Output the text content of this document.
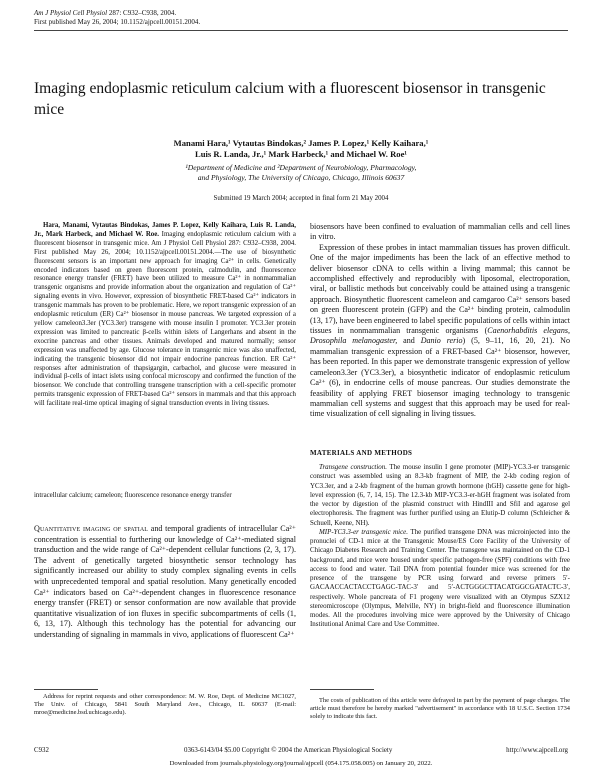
Am J Physiol Cell Physiol 287: C932–C938, 2004.
First published May 26, 2004; 10.1152/ajpcell.00151.2004.
Imaging endoplasmic reticulum calcium with a fluorescent biosensor in transgenic mice
Manami Hara,¹ Vytautas Bindokas,² James P. Lopez,¹ Kelly Kaihara,¹
Luis R. Landa, Jr.,¹ Mark Harbeck,¹ and Michael W. Roe¹
¹Department of Medicine and ²Department of Neurobiology, Pharmacology,
and Physiology, The University of Chicago, Chicago, Illinois 60637
Submitted 19 March 2004; accepted in final form 21 May 2004

Hara, Manami, Vytautas Bindokas, James P. Lopez, Kelly Kaihara, Luis R. Landa, Jr., Mark Harbeck, and Michael W. Roe. Imaging endoplasmic reticulum calcium with a fluorescent biosensor in transgenic mice. Am J Physiol Cell Physiol 287: C932–C938, 2004. First published May 26, 2004; 10.1152/ajpcell.00151.2004.—The use of biosynthetic fluorescent sensors is an important new approach for imaging Ca²⁺ in cells. Genetically encoded indicators based on green fluorescent protein, calmodulin, and fluorescence resonance energy transfer (FRET) have been utilized to measure Ca²⁺ in nonmammalian transgenic organisms and provide information about the organization and regulation of Ca²⁺ signaling events in vivo. However, expression of biosynthetic FRET-based Ca²⁺ indicators in transgenic mammals has proven to be problematic. Here, we report transgenic expression of an endoplasmic reticulum (ER) Ca²⁺ biosensor in mouse pancreas. We targeted expression of a yellow cameleon3.3er (YC3.3er) transgene with mouse insulin I promoter. YC3.3er protein expression was limited to pancreatic β-cells within islets of Langerhans and absent in the exocrine pancreas and other tissues. Animals developed and matured normally; sensor expression was unaffected by age. Glucose tolerance in transgenic mice was also unaffected, indicating the transgenic biosensor did not impair endocrine pancreas function. ER Ca²⁺ responses after administration of thapsigargin, carbachol, and glucose were measured in individual β-cells of intact islets using confocal microscopy and confirmed the function of the biosensor. We conclude that controlling transgene transcription with a cell-specific promoter permits transgenic expression of FRET-based Ca²⁺ sensors in mammals and that this approach will facilitate real-time optical imaging of signal transduction events in living tissues.

intracellular calcium; cameleon; fluorescence resonance energy transfer

Quantitative imaging of spatial and temporal gradients of intracellular Ca²⁺ concentration is essential to furthering our knowledge of Ca²⁺-mediated signal transduction and the wide range of Ca²⁺-dependent cellular functions (2, 3, 17). The advent of genetically targeted biosynthetic sensor technology has significantly increased our ability to study complex signaling events in cells with unprecedented temporal and spatial resolution. Many genetically encoded Ca²⁺ indicators based on Ca²⁺-dependent changes in fluorescence resonance energy transfer (FRET) or sensor conformation are now available that provide quantitative visualization of ion fluxes in specific subcompartments of cells (1, 6, 13, 17). Although this technology has the potential for advancing our understanding of signaling in mammals in vivo, applications of fluorescent Ca²⁺

Address for reprint requests and other correspondence: M. W. Roe, Dept. of Medicine MC1027, The Univ. of Chicago, 5841 South Maryland Ave., Chicago, IL 60637 (E-mail: mroe@medicine.bsd.uchicago.edu).

biosensors have been confined to evaluation of mammalian cells and cell lines in vitro.

Expression of these probes in intact mammalian tissues has proven difficult. One of the major impediments has been the lack of an effective method to deliver biosensor cDNA to cells within a living mammal; this cannot be accomplished effectively and reproducibly with liposomal, electroporation, viral, or ballistic methods but conceivably could be attained using a transgenic approach. Biosynthetic fluorescent cameleon and camgaroo Ca²⁺ sensors based on green fluorescent protein (GFP) and the Ca²⁺ binding protein, calmodulin (13, 17), have been engineered to label specific populations of cells within intact tissues in nonmammalian transgenic organisms (Caenorhabditis elegans, Drosophila melanogaster, and Danio rerio) (5, 9–11, 16, 20, 21). No mammalian transgenic expression of a FRET-based Ca²⁺ biosensor, however, has been reported. In this paper we demonstrate transgenic expression of yellow cameleon3.3er (YC3.3er), a biosynthetic indicator of endoplasmic reticulum Ca²⁺ (6), in endocrine cells of mouse pancreas. Our studies demonstrate the feasibility of applying FRET biosensor imaging technology to transgenic mammalian cell systems and suggest that this approach may be used for real-time visualization of cell signaling in living tissues.

MATERIALS AND METHODS

Transgene construction. The mouse insulin I gene promoter (MIP)-YC3.3-er transgenic construct was assembled using an 8.3-kb fragment of MIP, the 2-kb coding region of YC3.3er, and a 2-kb fragment of the human growth hormone (hGH) cassette gene for high-level expression (6, 7, 14, 15). The 12.3-kb MIP-YC3.3-er-hGH fragment was isolated from the vector by digestion of the plasmid construct with HindIII and SfiI and agarose gel electrophoresis. The fragment was further purified using an Elutip-D column (Schleicher & Schuell, Keene, NH).

MIP-YC3.3-er transgenic mice. The purified transgene DNA was microinjected into the pronuclei of CD-1 mice at the Transgenic Mouse/ES Core Facility of the University of Chicago Diabetes Research and Training Center. The transgene was maintained on the CD-1 background, and mice were housed under specific pathogen-free (SPF) conditions with free access to food and water. Tail DNA from potential founder mice was screened for the presence of the transgene by PCR using forward and reverse primers 5′-GACAACCACTACCTGAGC-TAC-3′ and 5′-ACTGGGCTTACATGGCGATACTC-3′, respectively. Whole pancreata of F1 progeny were visualized with an Olympus SZX12 stereomicroscope (Olympus, Melville, NY) in bright-field and fluorescence illumination modes. All the procedures involving mice were approved by the University of Chicago Institutional Animal Care and Use Committee.

The costs of publication of this article were defrayed in part by the payment of page charges. The article must therefore be hereby marked "advertisement" in accordance with 18 U.S.C. Section 1734 solely to indicate this fact.

C932	0363-6143/04 $5.00 Copyright © 2004 the American Physiological Society	http://www.ajpcell.org
Downloaded from journals.physiology.org/journal/ajpcell (054.175.058.005) on January 20, 2022.
